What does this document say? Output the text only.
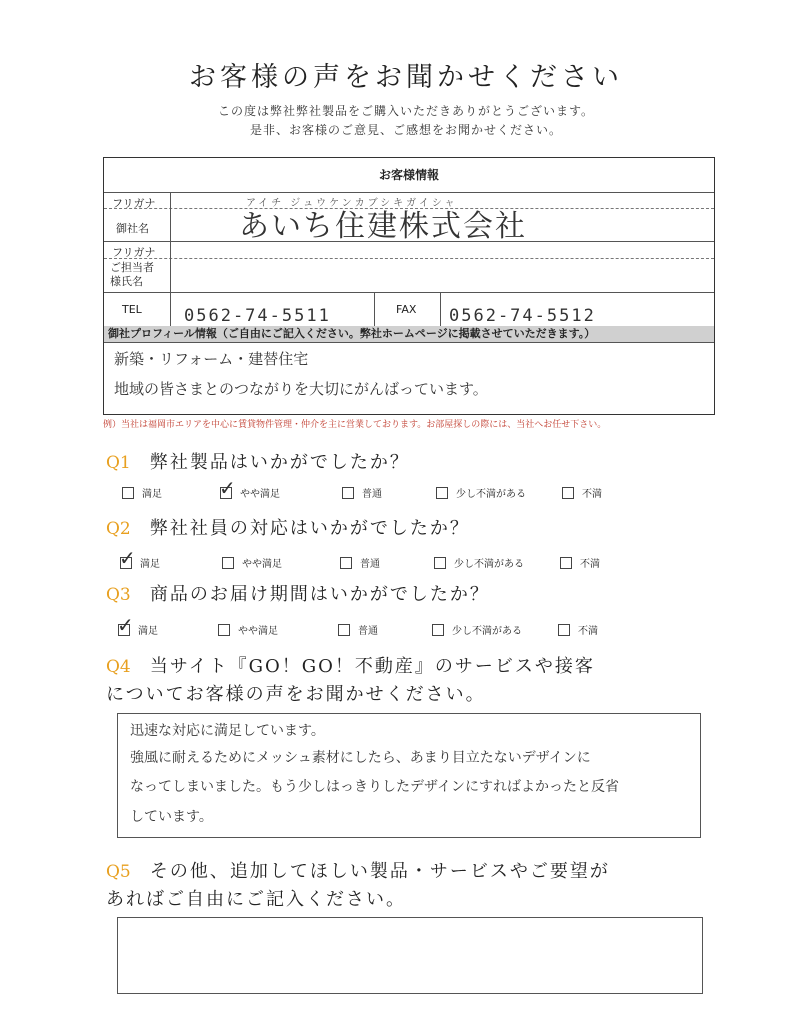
お客様の声をお聞かせください
この度は弊社弊社製品をご購入いただきありがとうございます。
是非、お客様のご意見、ご感想をお聞かせください。
お客様情報
フリガナ
御社名
フリガナ
ご担当者
様氏名
TEL	FAX
アイチ ジュウケンカブシキガイシャ
あいち住建株式会社
0562-74-5511	0562-74-5512
御社プロフィール情報（ご自由にご記入ください。弊社ホームページに掲載させていただきます。）
新築・リフォーム・建替住宅
地域の皆さまとのつながりを大切にがんばっています。
例）当社は福岡市エリアを中心に賃貸物件管理・仲介を主に営業しております。お部屋探しの際には、当社へお任せ下さい。
Q1 弊社製品はいかがでしたか？
満足
✓	やや満足	普通	少し不満がある	不満
Q2 弊社社員の対応はいかがでしたか？
✓
満足	やや満足	普通	少し不満がある	不満
Q3 商品のお届け期間はいかがでしたか？
✓
満足	やや満足	普通	少し不満がある	不満
Q4 当サイト『GO！GO！不動産』のサービスや接客
についてお客様の声をお聞かせください。
迅速な対応に満足しています。
強風に耐えるためにメッシュ素材にしたら、あまり目立たないデザインに
なってしまいました。もう少しはっきりしたデザインにすればよかったと反省
しています。
Q5 その他、追加してほしい製品・サービスやご要望が
あればご自由にご記入ください。
